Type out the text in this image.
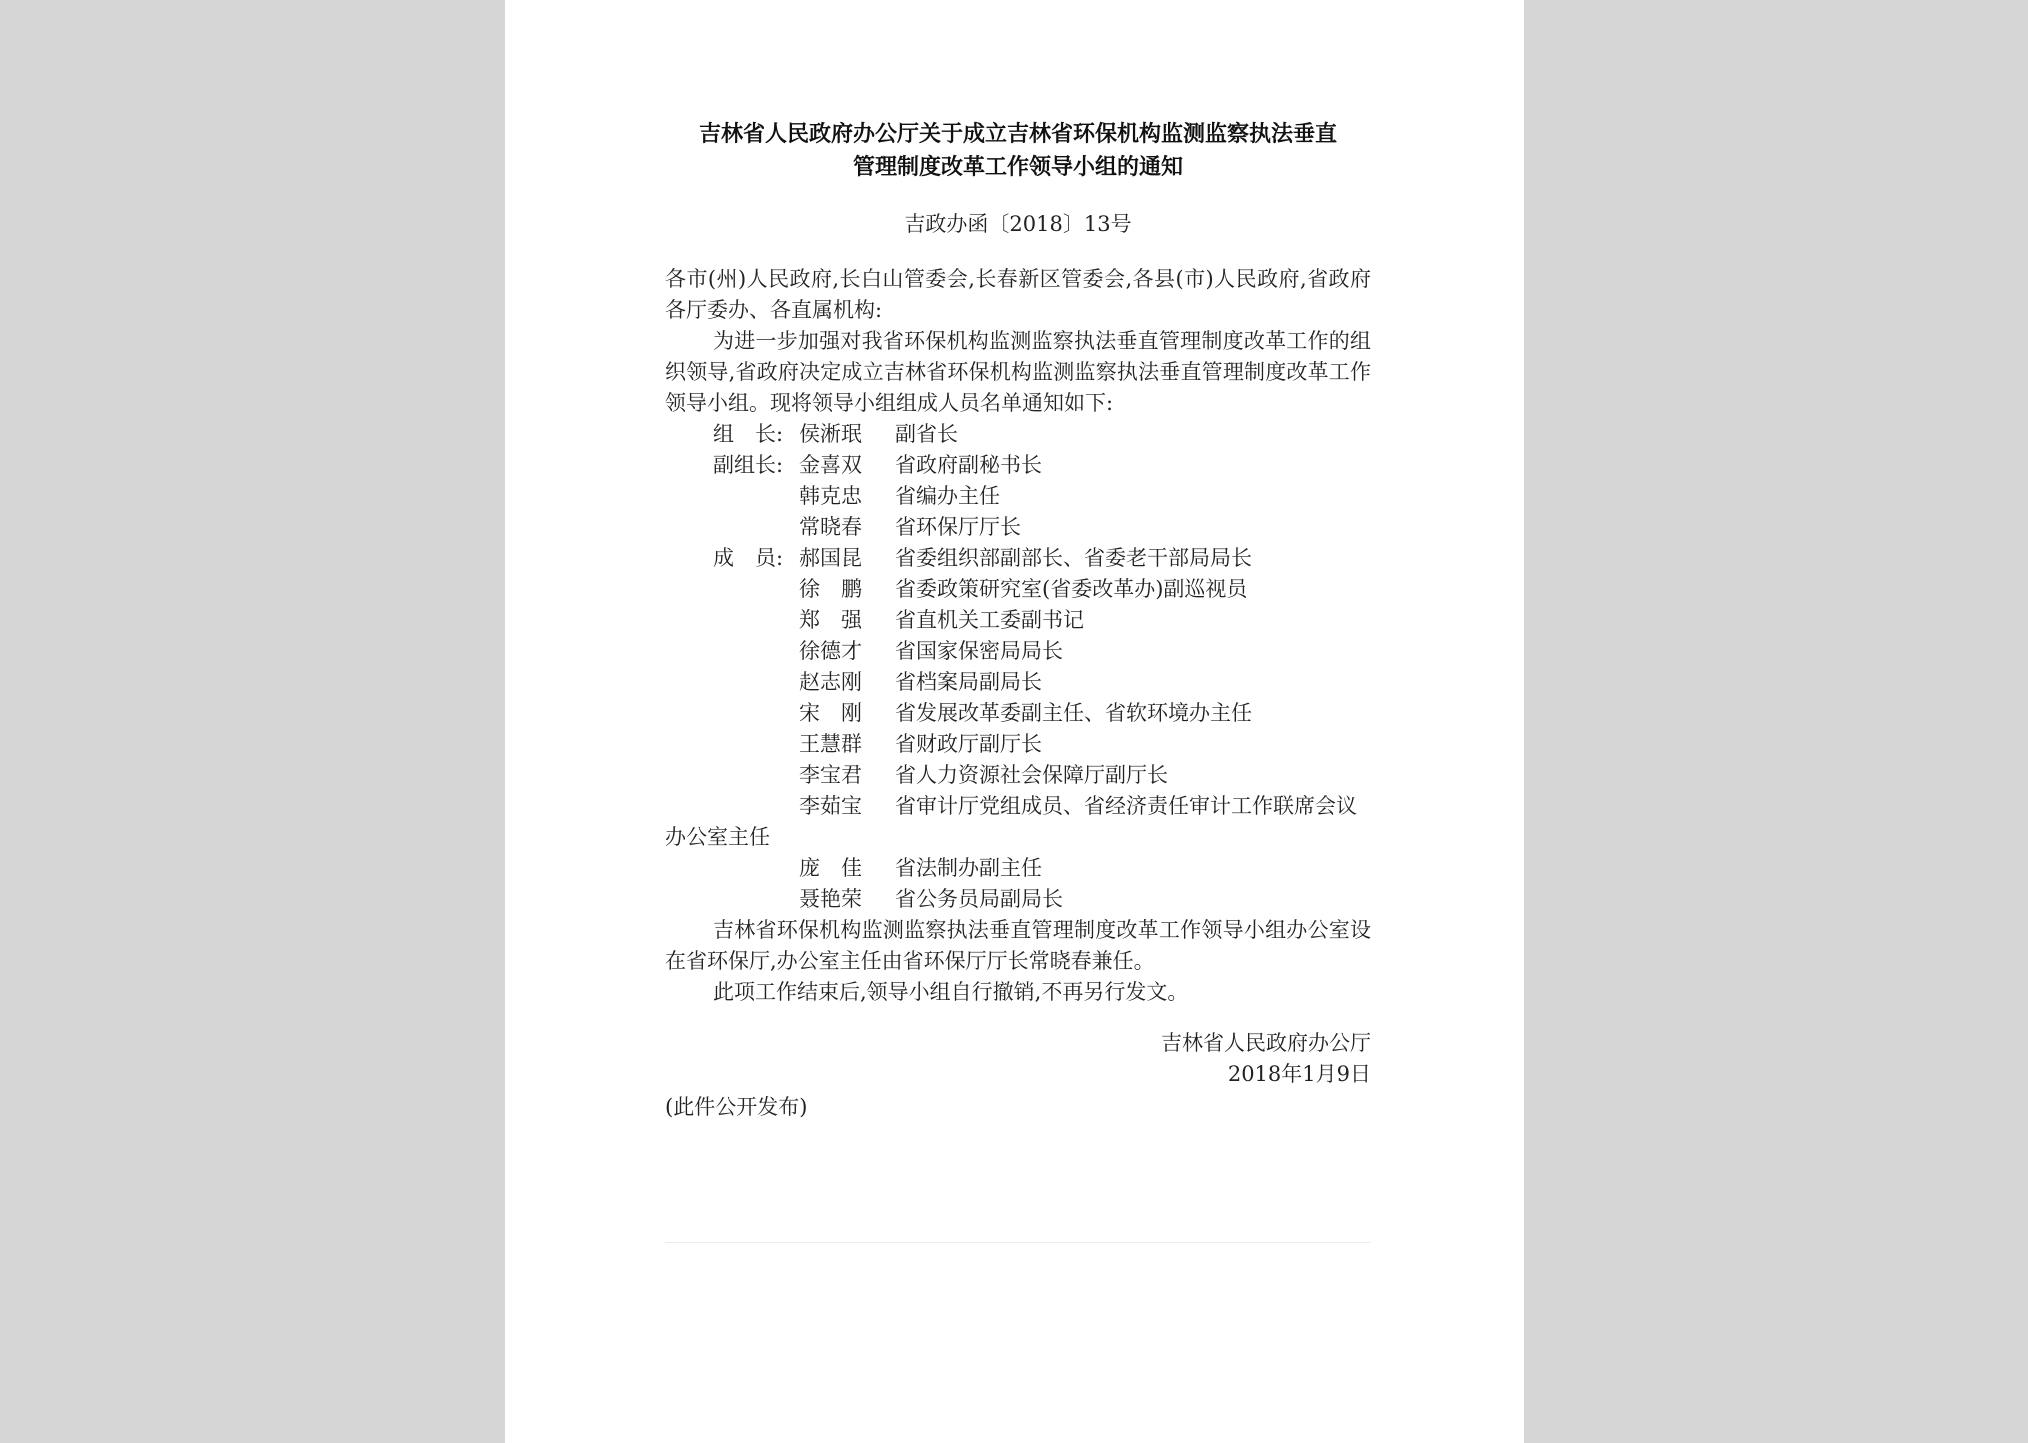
吉林省人民政府办公厅关于成立吉林省环保机构监测监察执法垂直
管理制度改革工作领导小组的通知
吉政办函〔2018〕13号

各市(州)人民政府,长白山管委会,长春新区管委会,各县(市)人民政府,省政府各厅委办、各直属机构:

为进一步加强对我省环保机构监测监察执法垂直管理制度改革工作的组织领导,省政府决定成立吉林省环保机构监测监察执法垂直管理制度改革工作领导小组。现将领导小组组成人员名单通知如下:

组　长: 侯淅珉	副省长
副组长: 金喜双	省政府副秘书长
韩克忠	省编办主任
常晓春	省环保厅厅长
成　员: 郝国昆	省委组织部副部长、省委老干部局局长
徐　鹏	省委政策研究室(省委改革办)副巡视员
郑　强	省直机关工委副书记
徐德才	省国家保密局局长
赵志刚	省档案局副局长
宋　刚	省发展改革委副主任、省软环境办主任
王慧群	省财政厅副厅长
李宝君	省人力资源社会保障厅副厅长

李茹宝 省审计厅党组成员、省经济责任审计工作联席会议办公室主任

庞　佳	省法制办副主任
聂艳荣	省公务员局副局长

吉林省环保机构监测监察执法垂直管理制度改革工作领导小组办公室设在省环保厅,办公室主任由省环保厅厅长常晓春兼任。

此项工作结束后,领导小组自行撤销,不再另行发文。

吉林省人民政府办公厅
2018年1月9日
(此件公开发布)
